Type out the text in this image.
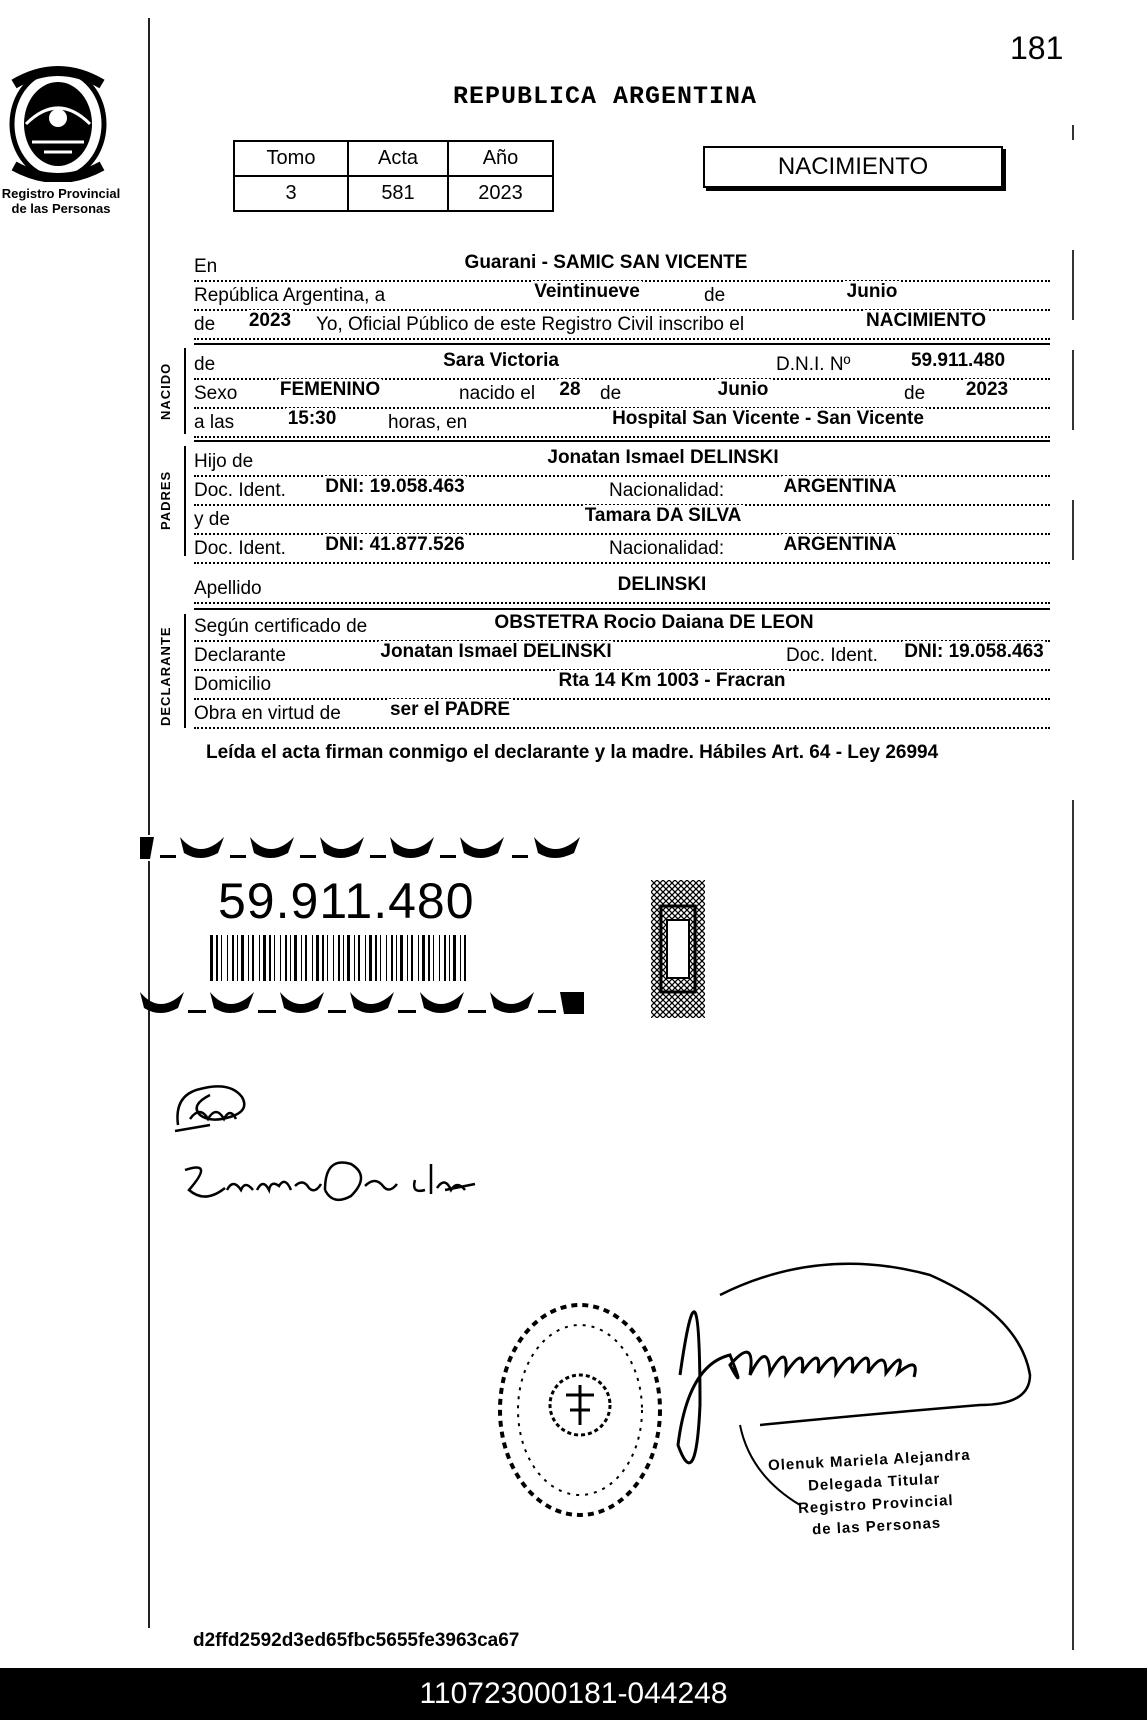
Registro Provincial
de las Personas
181
REPUBLICA ARGENTINA
Tomo	Acta	Año
3	581	2023
NACIMIENTO
En	Guarani - SAMIC SAN VICENTE
República Argentina, a	Veintinueve	de	Junio
de 2023 Yo, Oficial Público de este Registro Civil inscribo el	NACIMIENTO
NACIDO de	Sara Victoria	D.N.I. Nº	59.911.480
Sexo FEMENINO	nacido el 28 de	Junio	de 2023
a las	15:30	horas, en	Hospital San Vicente - San Vicente
PADRES
Hijo de	Jonatan Ismael DELINSKI
Doc. Ident. DNI: 19.058.463	Nacionalidad:	ARGENTINA
y de	Tamara DA SILVA
Doc. Ident. DNI: 41.877.526	Nacionalidad:	ARGENTINA
Apellido	DELINSKI
DECLARANTE Según certificado de	OBSTETRA Rocio Daiana DE LEON
Declarante	Jonatan Ismael DELINSKI	Doc. Ident. DNI: 19.058.463
Domicilio	Rta 14 Km 1003 - Fracran
Obra en virtud de	ser el PADRE
Leída el acta firman conmigo el declarante y la madre. Hábiles Art. 64 - Ley 26994
59.911.480
Olenuk Mariela Alejandra
Delegada Titular
Registro Provincial
de las Personas
d2ffd2592d3ed65fbc5655fe3963ca67
110723000181-044248
